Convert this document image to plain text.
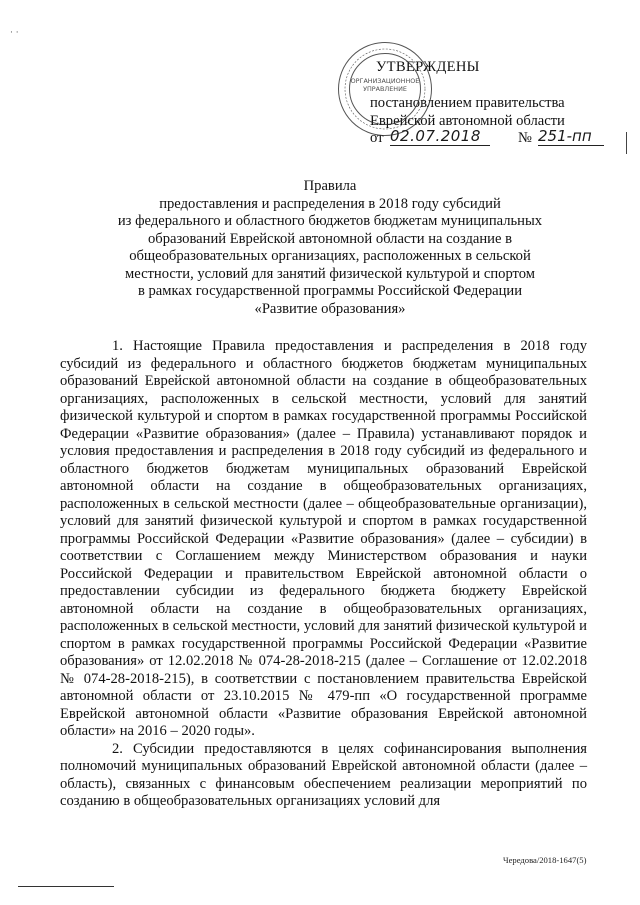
· ·
УТВЕРЖДЕНЫ
постановлением правительства
Еврейской автономной области
от 02.07.2018	№ 251-пп
ОРГАНИЗАЦИОННОЕ УПРАВЛЕНИЕ
Правила
предоставления и распределения в 2018 году субсидий
из федерального и областного бюджетов бюджетам муниципальных
образований Еврейской автономной области на создание в
общеобразовательных организациях, расположенных в сельской
местности, условий для занятий физической культурой и спортом
в рамках государственной программы Российской Федерации
«Развитие образования»

1. Настоящие Правила предоставления и распределения в 2018 году субсидий из федерального и областного бюджетов бюджетам муниципальных образований Еврейской автономной области на создание в общеобразовательных организациях, расположенных в сельской местности, условий для занятий физической культурой и спортом в рамках государственной программы Российской Федерации «Развитие образования» (далее – Правила) устанавливают порядок и условия предоставления и распределения в 2018 году субсидий из федерального и областного бюджетов бюджетам муниципальных образований Еврейской автономной области на создание в общеобразовательных организациях, расположенных в сельской местности (далее – общеобразовательные организации), условий для занятий физической культурой и спортом в рамках государственной программы Российской Федерации «Развитие образования» (далее – субсидии) в соответствии с Соглашением между Министерством образования и науки Российской Федерации и правительством Еврейской автономной области о предоставлении субсидии из федерального бюджета бюджету Еврейской автономной области на создание в общеобразовательных организациях, расположенных в сельской местности, условий для занятий физической культурой и спортом в рамках государственной программы Российской Федерации «Развитие образования» от 12.02.2018 № 074-28-2018-215 (далее – Соглашение от 12.02.2018 № 074-28-2018-215), в соответствии с постановлением правительства Еврейской автономной области от 23.10.2015 № 479-пп «О государственной программе Еврейской автономной области «Развитие образования Еврейской автономной области» на 2016 – 2020 годы».

2. Субсидии предоставляются в целях софинансирования выполнения полномочий муниципальных образований Еврейской автономной области (далее – область), связанных с финансовым обеспечением реализации мероприятий по созданию в общеобразовательных организациях условий для

Чередова/2018-1647(5)
